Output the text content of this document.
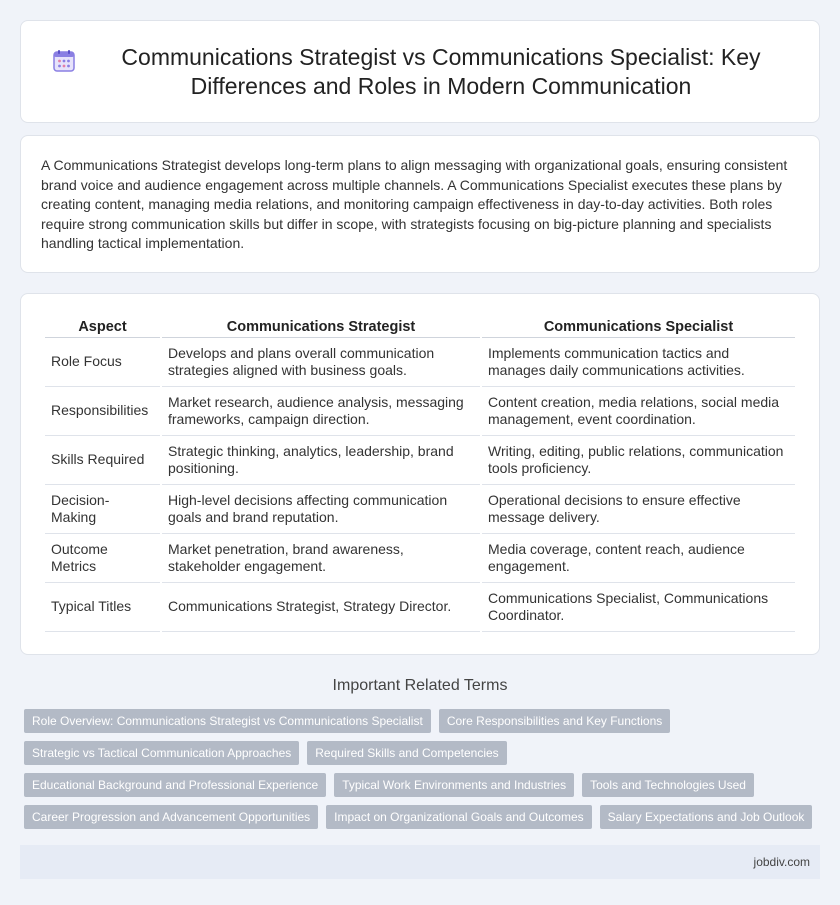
Communications Strategist vs Communications Specialist: Key Differences and Roles in Modern Communication

A Communications Strategist develops long-term plans to align messaging with organizational goals, ensuring consistent brand voice and audience engagement across multiple channels. A Communications Specialist executes these plans by creating content, managing media relations, and monitoring campaign effectiveness in day-to-day activities. Both roles require strong communication skills but differ in scope, with strategists focusing on big-picture planning and specialists handling tactical implementation.

Aspect	Communications Strategist	Communications Specialist
Role Focus	Develops and plans overall communication strategies aligned with business goals.	Implements communication tactics and manages daily communications activities.
Responsibilities	Market research, audience analysis, messaging frameworks, campaign direction.	Content creation, media relations, social media management, event coordination.
Skills Required	Strategic thinking, analytics, leadership, brand positioning.	Writing, editing, public relations, communication tools proficiency.
Decision-Making	High-level decisions affecting communication goals and brand reputation.	Operational decisions to ensure effective message delivery.
Outcome Metrics	Market penetration, brand awareness, stakeholder engagement.	Media coverage, content reach, audience engagement.
Typical Titles	Communications Strategist, Strategy Director.	Communications Specialist, Communications Coordinator.
Important Related Terms
Role Overview: Communications Strategist vs Communications Specialist	Core Responsibilities and Key Functions
Strategic vs Tactical Communication Approaches	Required Skills and Competencies
Educational Background and Professional Experience	Typical Work Environments and Industries	Tools and Technologies Used
Career Progression and Advancement Opportunities	Impact on Organizational Goals and Outcomes	Salary Expectations and Job Outlook
jobdiv.com
